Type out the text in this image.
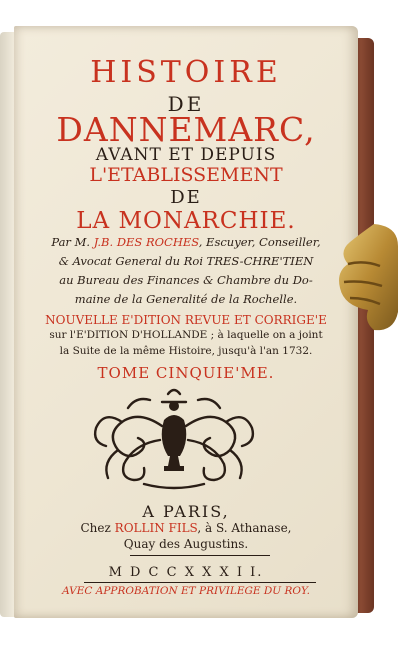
HISTOIRE
DE
DANNEMARC,
AVANT ET DEPUIS
L'ETABLISSEMENT
DE
LA MONARCHIE.
Par M. J.B. DES ROCHES, Escuyer, Conseiller,
& Avocat General du Roi TRES-CHRE'TIEN
au Bureau des Finances & Chambre du Do-
maine de la Generalité de la Rochelle.
NOUVELLE E'DITION REVUE ET CORRIGE'E
sur l'E'DITION D'HOLLANDE ; à laquelle on a joint
la Suite de la même Histoire, jusqu'à l'an 1732.
TOME CINQUIE'ME.
A PARIS,
Chez ROLLIN FILS, à S. Athanase,
Quay des Augustins.
M D C C X X X I I.
AVEC APPROBATION ET PRIVILEGE DU ROY.
